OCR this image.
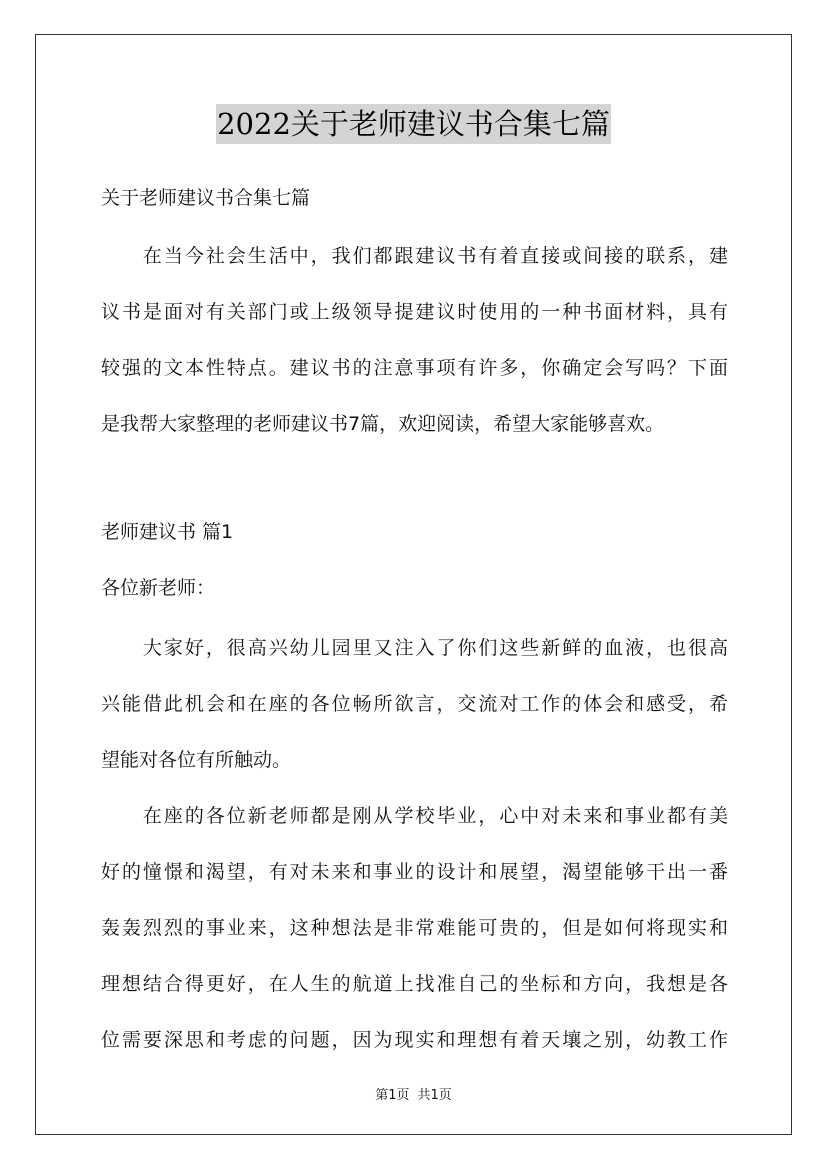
2022关于老师建议书合集七篇
关于老师建议书合集七篇
　　在当今社会生活中，我们都跟建议书有着直接或间接的联系，建
议书是面对有关部门或上级领导提建议时使用的一种书面材料，具有
较强的文本性特点。建议书的注意事项有许多，你确定会写吗？下面
是我帮大家整理的老师建议书7篇，欢迎阅读，希望大家能够喜欢。
老师建议书 篇1
各位新老师：
　　大家好，很高兴幼儿园里又注入了你们这些新鲜的血液，也很高
兴能借此机会和在座的各位畅所欲言，交流对工作的体会和感受，希
望能对各位有所触动。
　　在座的各位新老师都是刚从学校毕业，心中对未来和事业都有美
好的憧憬和渴望，有对未来和事业的设计和展望，渴望能够干出一番
轰轰烈烈的事业来，这种想法是非常难能可贵的，但是如何将现实和
理想结合得更好，在人生的航道上找准自己的坐标和方向，我想是各
位需要深思和考虑的问题，因为现实和理想有着天壤之别，幼教工作
第1页 共1页
